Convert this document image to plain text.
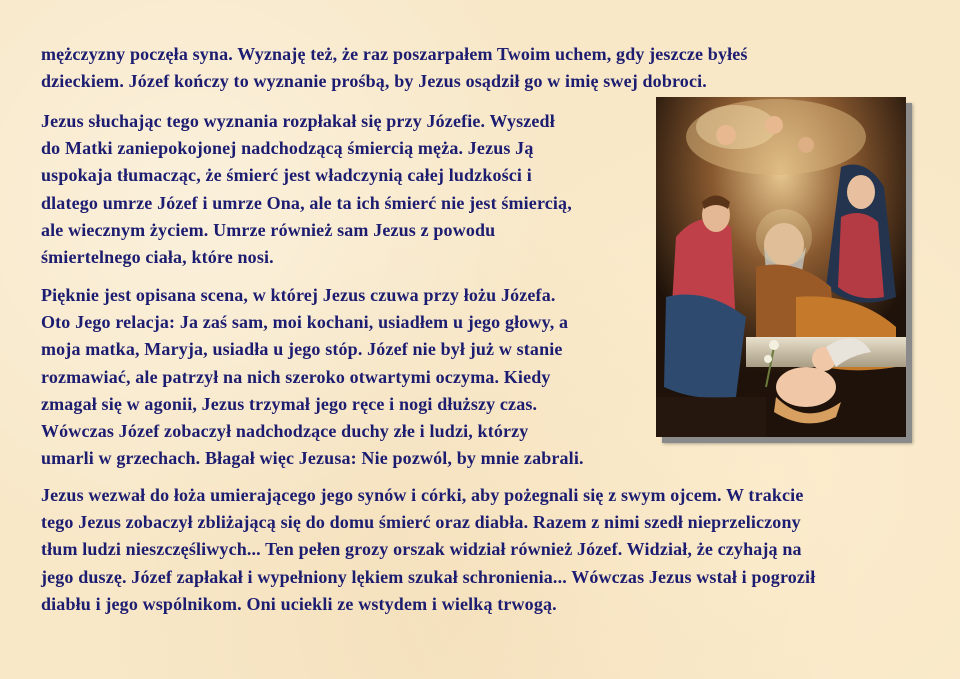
mężczyzny poczęła syna. Wyznaję też, że raz poszarpałem Twoim uchem, gdy jeszcze byłeś
dzieckiem. Józef kończy to wyznanie prośbą, by Jezus osądził go w imię swej dobroci.

Jezus słuchając tego wyznania rozpłakał się przy Józefie. Wyszedł
do Matki zaniepokojonej nadchodzącą śmiercią męża. Jezus Ją
uspokaja tłumacząc, że śmierć jest władczynią całej ludzkości i
dlatego umrze Józef i umrze Ona, ale ta ich śmierć nie jest śmiercią,
ale wiecznym życiem. Umrze również sam Jezus z powodu
śmiertelnego ciała, które nosi.

Pięknie jest opisana scena, w której Jezus czuwa przy łożu Józefa.
Oto Jego relacja: Ja zaś sam, moi kochani, usiadłem u jego głowy, a
moja matka, Maryja, usiadła u jego stóp. Józef nie był już w stanie
rozmawiać, ale patrzył na nich szeroko otwartymi oczyma. Kiedy
zmagał się w agonii, Jezus trzymał jego ręce i nogi dłuższy czas.
Wówczas Józef zobaczył nadchodzące duchy złe i ludzi, którzy
umarli w grzechach. Błagał więc Jezusa: Nie pozwól, by mnie zabrali.

Jezus wezwał do łoża umierającego jego synów i córki, aby pożegnali się z swym ojcem. W trakcie
tego Jezus zobaczył zbliżającą się do domu śmierć oraz diabła. Razem z nimi szedł nieprzeliczony
tłum ludzi nieszczęśliwych... Ten pełen grozy orszak widział również Józef. Widział, że czyhają na
jego duszę. Józef zapłakał i wypełniony lękiem szukał schronienia... Wówczas Jezus wstał i pogroził
diabłu i jego wspólnikom. Oni uciekli ze wstydem i wielką trwogą.
